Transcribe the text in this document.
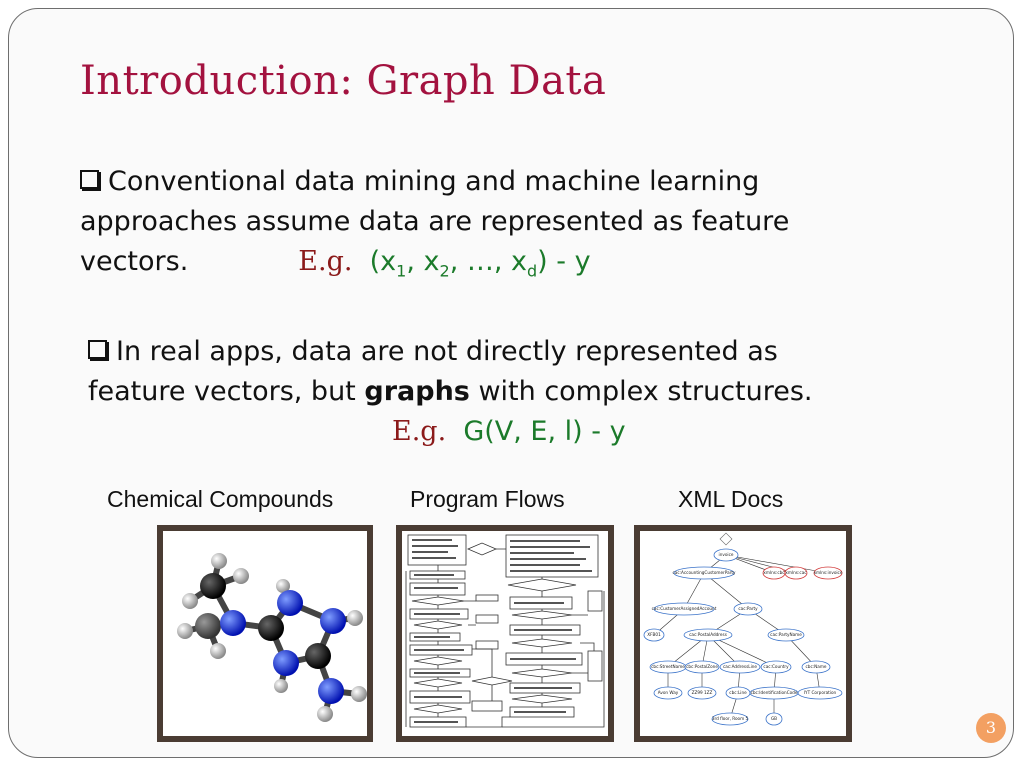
Introduction: Graph Data
Conventional data mining and machine learning
approaches assume data are represented as feature
vectors.	E.g. ($x_1$, $x_2$, …, $x_d$) - y
In real apps, data are not directly represented as
feature vectors, but graphs with complex structures.
E.g. G(V, E, l) - y
Chemical Compounds	Program Flows	XML Docs
invoice
cac:AccountingCustomerParty	xmlns:cbc xmlns:cac xmlns:invoice
cac:CustomerAssignedAccount	cac:Party
XFB01	cac:PostalAddress	cac:PartyName
cbc:StreetName cbc:PostalZone cac:AddressLine cac:Country	cbc:Name
Avon Way	ZZ99 1ZZ	cbc:Line cbc:IdentificationCode IYT Corporation
3rd floor, Room 5	GB	3
